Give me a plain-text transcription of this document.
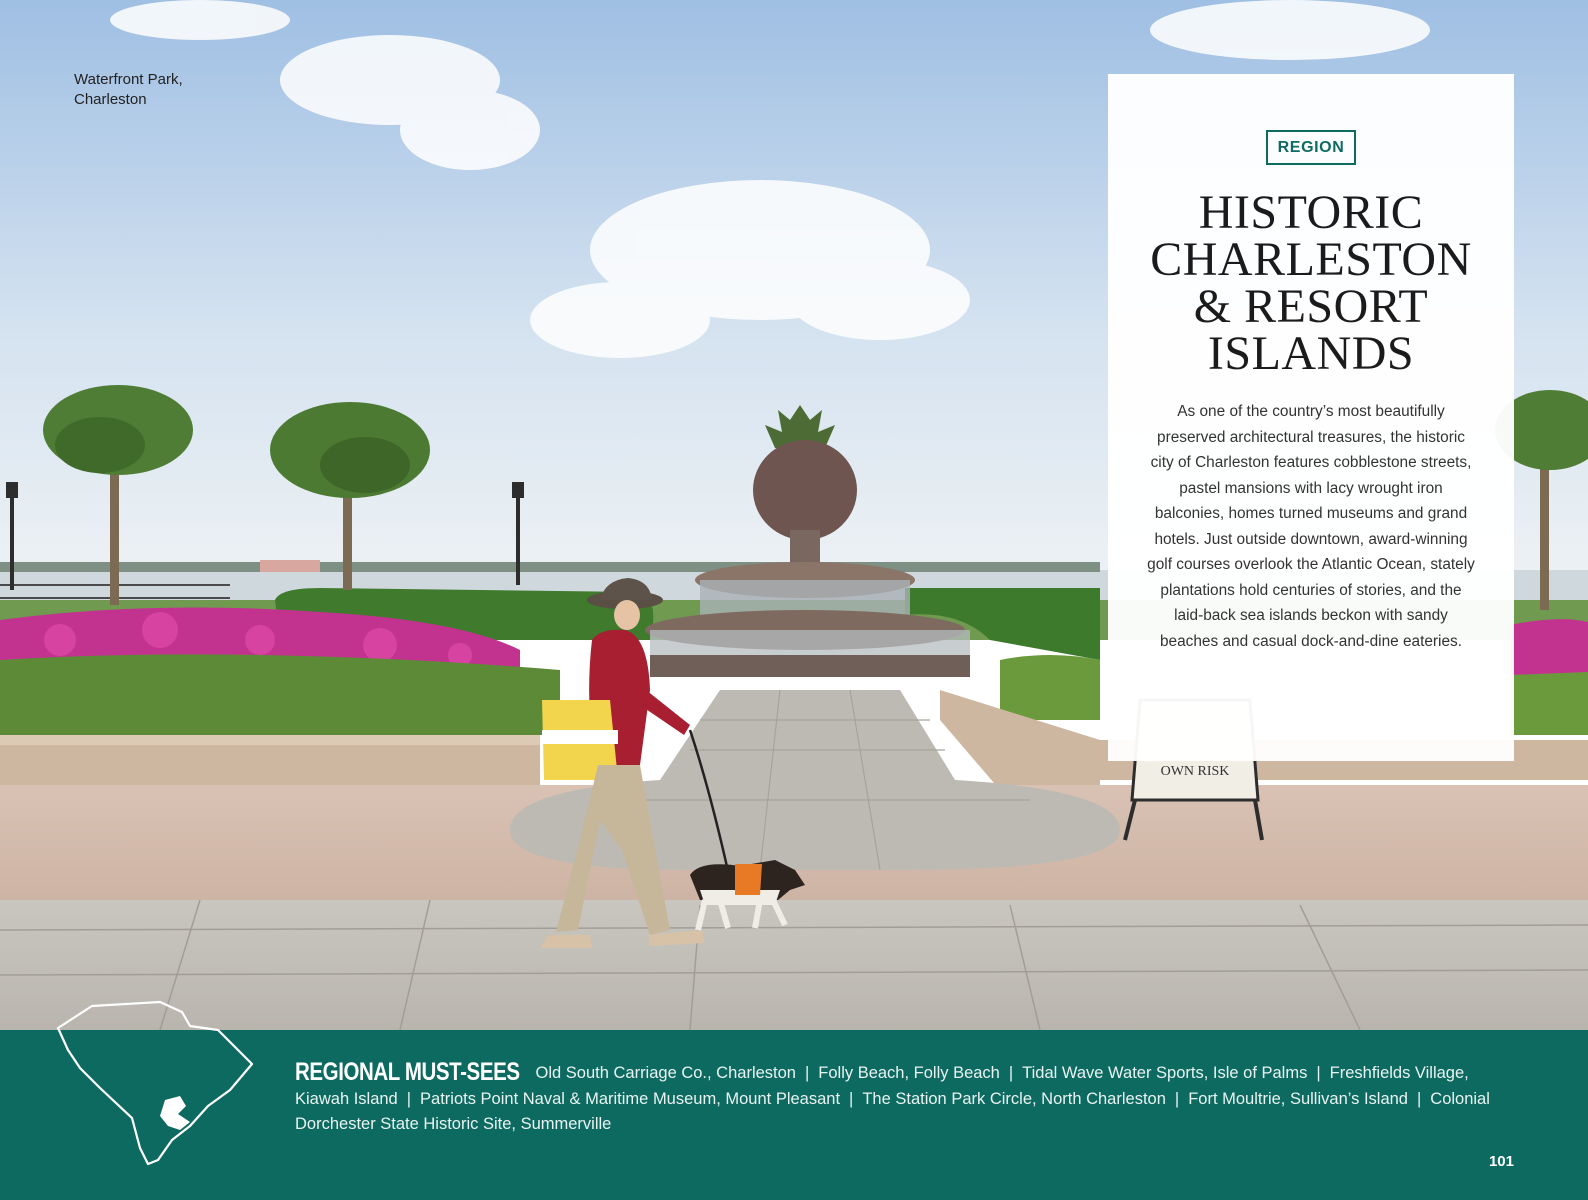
OWN RISK
Waterfront Park,
Charleston
REGION
HISTORIC
CHARLESTON
& RESORT
ISLANDS
As one of the country’s most beautifully preserved architectural treasures, the historic city of Charleston features cobblestone streets, pastel mansions with lacy wrought iron balconies, homes turned museums and grand hotels. Just outside downtown, award-winning golf courses overlook the Atlantic Ocean, stately plantations hold centuries of stories, and the laid-back sea islands beckon with sandy beaches and casual dock-and-dine eateries.
REGIONAL MUST-SEES Old South Carriage Co., Charleston | Folly Beach, Folly Beach | Tidal Wave Water Sports, Isle of Palms | Freshfields Village, Kiawah Island | Patriots Point Naval & Maritime Museum, Mount Pleasant | The Station Park Circle, North Charleston | Fort Moultrie, Sullivan’s Island | Colonial Dorchester State Historic Site, Summerville
101
